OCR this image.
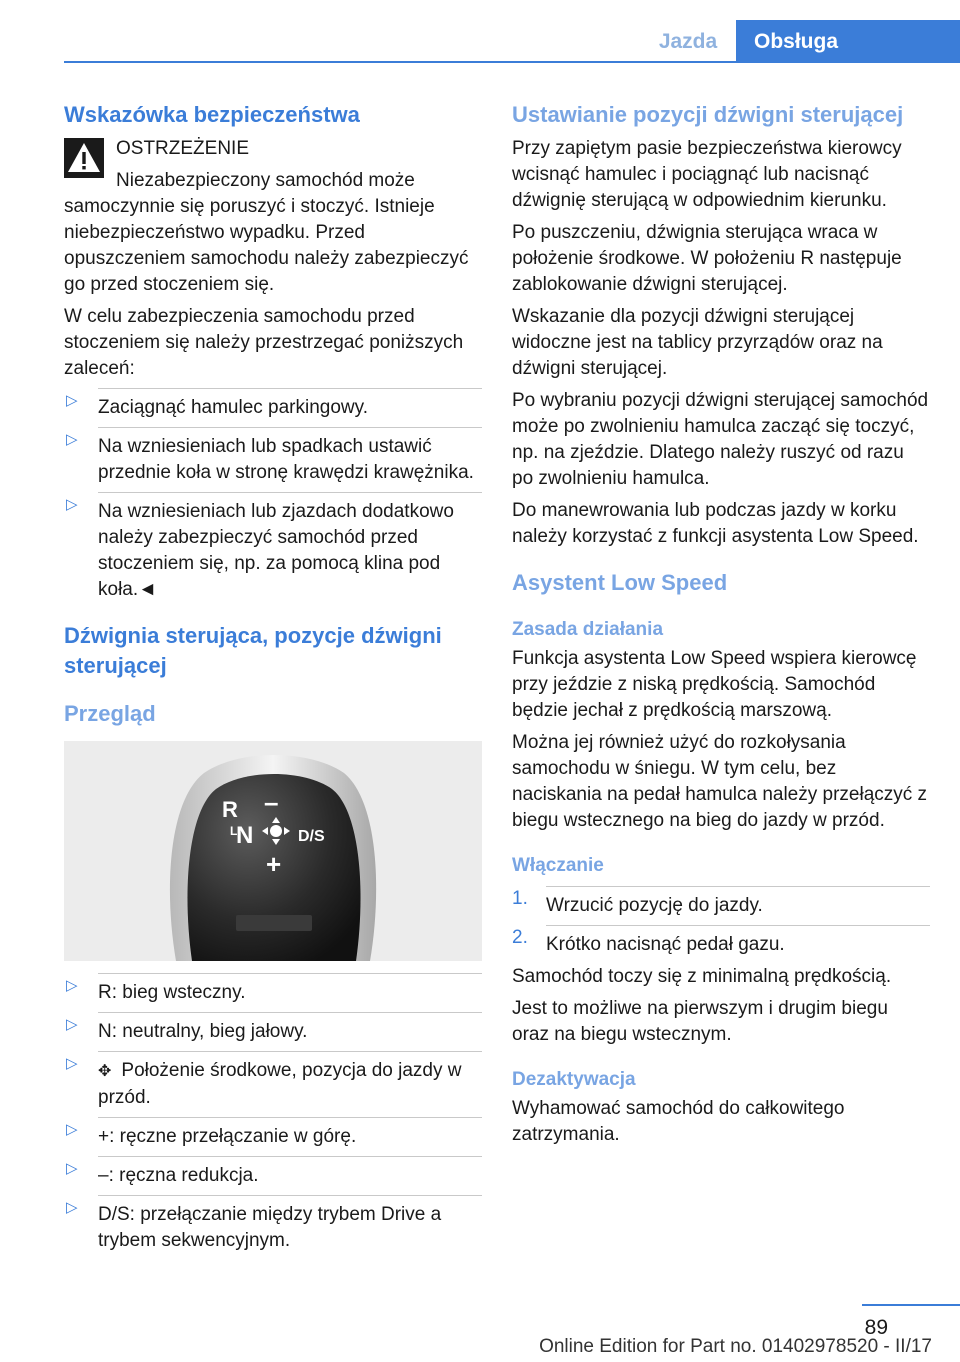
Jazda	Obsługa
Wskazówka bezpieczeństwa
OSTRZEŻENIE

Niezabezpieczony samochód może samoczynnie się poruszyć i stoczyć. Istnieje niebezpieczeństwo wypadku. Przed opuszczeniem samochodu należy zabezpieczyć go przed stoczeniem się.

W celu zabezpieczenia samochodu przed stoczeniem się należy przestrzegać poniższych zaleceń:

▷ Zaciągnąć hamulec parkingowy.
▷ Na wzniesieniach lub spadkach ustawić przednie koła w stronę krawędzi krawężnika.
▷ Na wzniesieniach lub zjazdach dodatkowo należy zabezpieczyć samochód przed stoczeniem się, np. za pomocą klina pod koła.◄
Dźwignia sterująca, pozycje dźwigni sterującej
Przegląd
R –
L
N	D/S
+
▷ R: bieg wsteczny.
▷ N: neutralny, bieg jałowy.
▷ ✥ Położenie środkowe, pozycja do jazdy w przód.
▷ +: ręczne przełączanie w górę.
▷ –: ręczna redukcja.
▷ D/S: przełączanie między trybem Drive a trybem sekwencyjnym.
Ustawianie pozycji dźwigni sterującej

Przy zapiętym pasie bezpieczeństwa kierowcy wcisnąć hamulec i pociągnąć lub nacisnąć dźwignię sterującą w odpowiednim kierunku.

Po puszczeniu, dźwignia sterująca wraca w położenie środkowe. W położeniu R następuje zablokowanie dźwigni sterującej.

Wskazanie dla pozycji dźwigni sterującej widoczne jest na tablicy przyrządów oraz na dźwigni sterującej.

Po wybraniu pozycji dźwigni sterującej samochód może po zwolnieniu hamulca zacząć się toczyć, np. na zjeździe. Dlatego należy ruszyć od razu po zwolnieniu hamulca.

Do manewrowania lub podczas jazdy w korku należy korzystać z funkcji asystenta Low Speed.

Asystent Low Speed
Zasada działania

Funkcja asystenta Low Speed wspiera kierowcę przy jeździe z niską prędkością. Samochód będzie jechał z prędkością marszową.

Można jej również użyć do rozkołysania samochodu w śniegu. W tym celu, bez naciskania na pedał hamulca należy przełączyć z biegu wstecznego na bieg do jazdy w przód.

Włączanie
1. Wrzucić pozycję do jazdy.
2. Krótko nacisnąć pedał gazu.

Samochód toczy się z minimalną prędkością.

Jest to możliwe na pierwszym i drugim biegu oraz na biegu wstecznym.

Dezaktywacja

Wyhamować samochód do całkowitego zatrzymania.

89
Online Edition for Part no. 01402978520 - II/17
